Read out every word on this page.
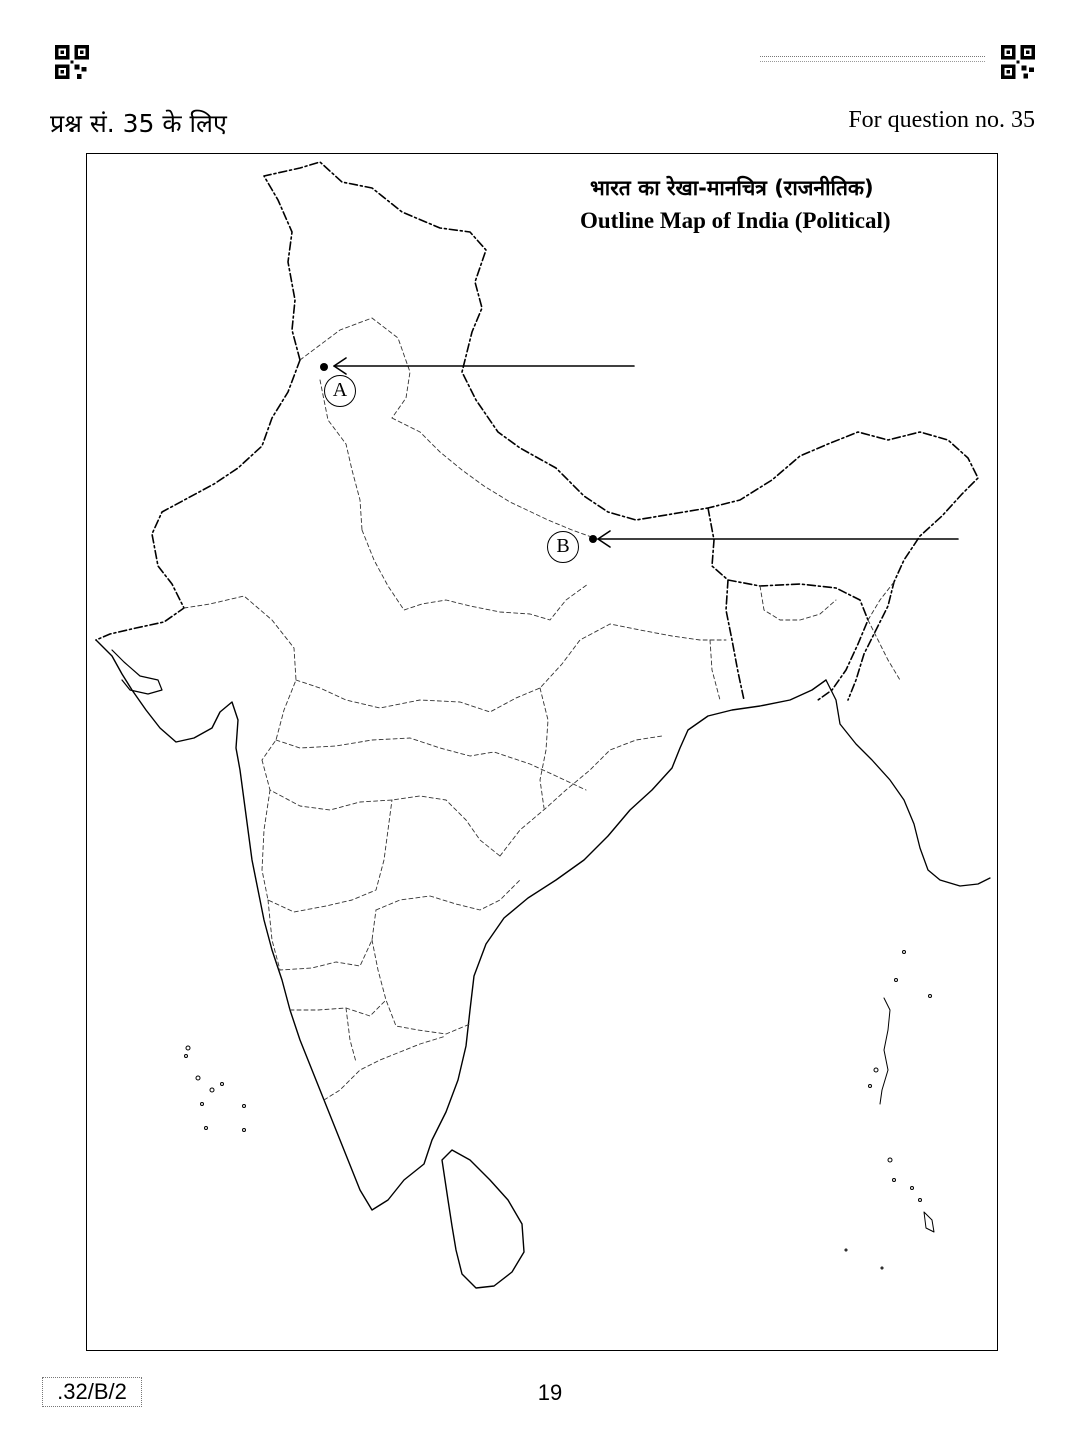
प्रश्न सं. 35 के लिए	For question no. 35
भारत का रेखा-मानचित्र (राजनीतिक)
Outline Map of India (Political)
A
B
.32/B/2	19
